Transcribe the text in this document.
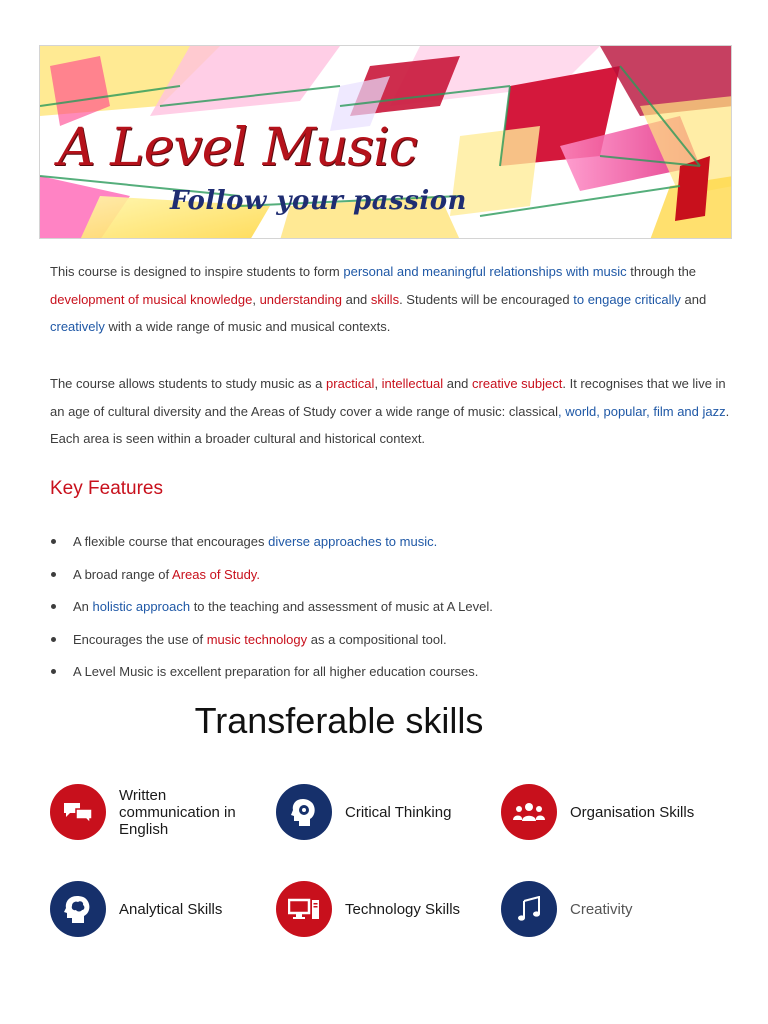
A Level Music

Follow your passion

This course is designed to inspire students to form personal and meaningful relationships with music through the development of musical knowledge, understanding and skills. Students will be encouraged to engage critically and creatively with a wide range of music and musical contexts.

The course allows students to study music as a practical, intellectual and creative subject. It recognises that we live in an age of cultural diversity and the Areas of Study cover a wide range of music: classical, world, popular, film and jazz. Each area is seen within a broader cultural and historical context.

Key Features
A flexible course that encourages diverse approaches to music.
A broad range of Areas of Study.
An holistic approach to the teaching and assessment of music at A Level.
Encourages the use of music technology as a compositional tool.
A Level Music is excellent preparation for all higher education courses.
Transferable skills
Written communication in English
Critical Thinking	Organisation Skills
Analytical Skills	Technology Skills	Creativity
